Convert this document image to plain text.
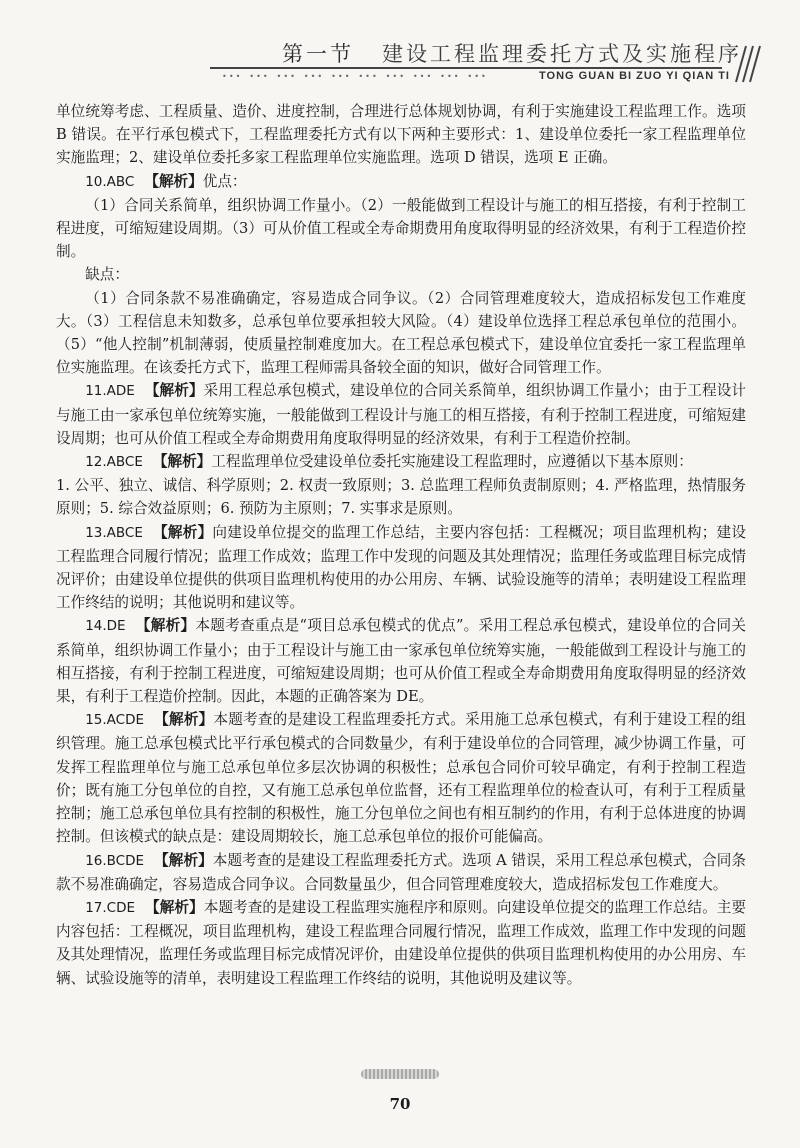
第一节 建设工程监理委托方式及实施程序
••• ••• ••• ••• ••• ••• ••• ••• ••• •••	TONG GUAN BI ZUO YI QIAN TI

单位统筹考虑、工程质量、造价、进度控制，合理进行总体规划协调，有利于实施建设工程监理工作。选项 B 错误。在平行承包模式下，工程监理委托方式有以下两种主要形式：1、建设单位委托一家工程监理单位实施监理；2、建设单位委托多家工程监理单位实施监理。选项 D 错误，选项 E 正确。

10.ABC 【解析】优点：

（1）合同关系简单，组织协调工作量小。（2）一般能做到工程设计与施工的相互搭接，有利于控制工程进度，可缩短建设周期。（3）可从价值工程或全寿命期费用角度取得明显的经济效果，有利于工程造价控制。

缺点：

（1）合同条款不易准确确定，容易造成合同争议。（2）合同管理难度较大，造成招标发包工作难度大。（3）工程信息未知数多，总承包单位要承担较大风险。（4）建设单位选择工程总承包单位的范围小。（5）“他人控制”机制薄弱，使质量控制难度加大。在工程总承包模式下，建设单位宜委托一家工程监理单位实施监理。在该委托方式下，监理工程师需具备较全面的知识，做好合同管理工作。

11.ADE 【解析】采用工程总承包模式，建设单位的合同关系简单，组织协调工作量小；由于工程设计与施工由一家承包单位统筹实施，一般能做到工程设计与施工的相互搭接，有利于控制工程进度，可缩短建设周期；也可从价值工程或全寿命期费用角度取得明显的经济效果，有利于工程造价控制。

12.ABCE 【解析】工程监理单位受建设单位委托实施建设工程监理时，应遵循以下基本原则：

1. 公平、独立、诚信、科学原则；2. 权责一致原则；3. 总监理工程师负责制原则；4. 严格监理，热情服务原则；5. 综合效益原则；6. 预防为主原则；7. 实事求是原则。

13.ABCE 【解析】向建设单位提交的监理工作总结，主要内容包括：工程概况；项目监理机构；建设工程监理合同履行情况；监理工作成效；监理工作中发现的问题及其处理情况；监理任务或监理目标完成情况评价；由建设单位提供的供项目监理机构使用的办公用房、车辆、试验设施等的清单；表明建设工程监理工作终结的说明；其他说明和建议等。

14.DE 【解析】本题考查重点是“项目总承包模式的优点”。采用工程总承包模式，建设单位的合同关系简单，组织协调工作量小；由于工程设计与施工由一家承包单位统筹实施，一般能做到工程设计与施工的相互搭接，有利于控制工程进度，可缩短建设周期；也可从价值工程或全寿命期费用角度取得明显的经济效果，有利于工程造价控制。因此，本题的正确答案为 DE。

15.ACDE 【解析】本题考查的是建设工程监理委托方式。采用施工总承包模式，有利于建设工程的组织管理。施工总承包模式比平行承包模式的合同数量少，有利于建设单位的合同管理，减少协调工作量，可发挥工程监理单位与施工总承包单位多层次协调的积极性；总承包合同价可较早确定，有利于控制工程造价；既有施工分包单位的自控，又有施工总承包单位监督，还有工程监理单位的检查认可，有利于工程质量控制；施工总承包单位具有控制的积极性，施工分包单位之间也有相互制约的作用，有利于总体进度的协调控制。但该模式的缺点是：建设周期较长，施工总承包单位的报价可能偏高。

16.BCDE 【解析】本题考查的是建设工程监理委托方式。选项 A 错误，采用工程总承包模式，合同条款不易准确确定，容易造成合同争议。合同数量虽少，但合同管理难度较大，造成招标发包工作难度大。

17.CDE 【解析】本题考查的是建设工程监理实施程序和原则。向建设单位提交的监理工作总结。主要内容包括：工程概况，项目监理机构，建设工程监理合同履行情况，监理工作成效，监理工作中发现的问题及其处理情况，监理任务或监理目标完成情况评价，由建设单位提供的供项目监理机构使用的办公用房、车辆、试验设施等的清单，表明建设工程监理工作终结的说明，其他说明及建议等。

70
